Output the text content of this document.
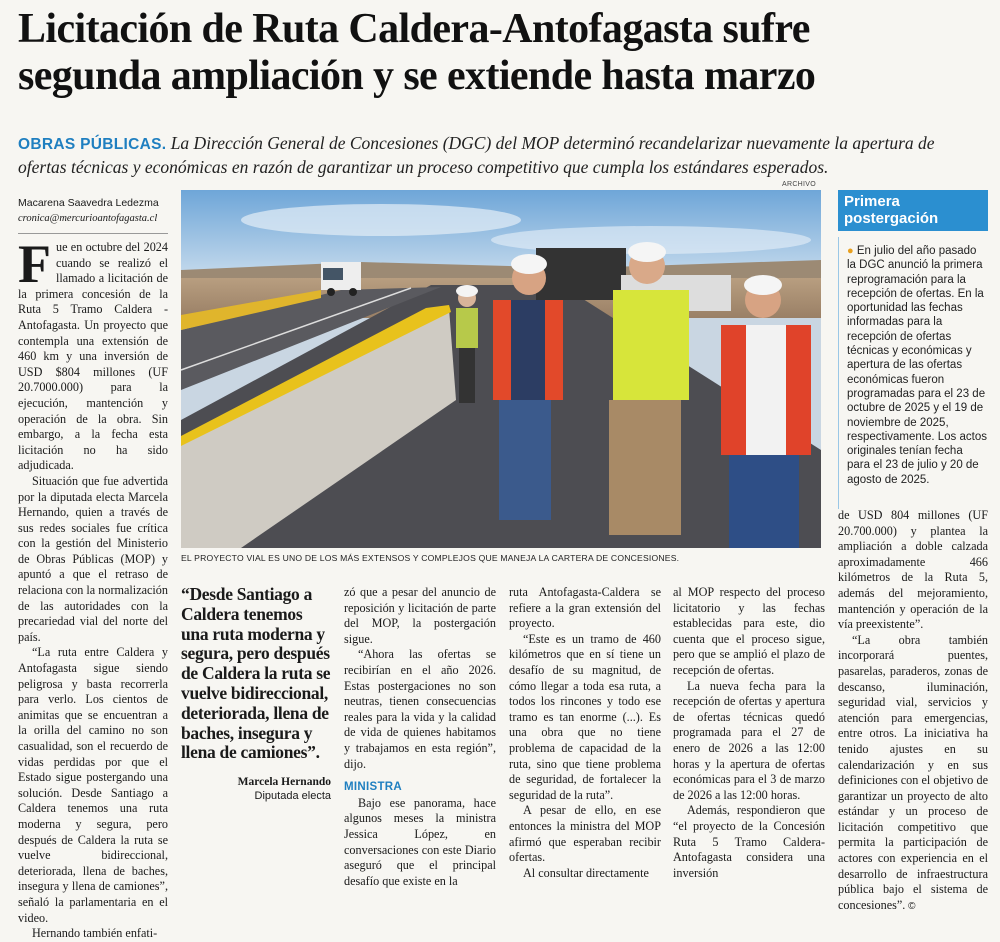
Licitación de Ruta Caldera-Antofagasta sufre
segunda ampliación y se extiende hasta marzo
OBRAS PÚBLICAS. La Dirección General de Concesiones (DGC) del MOP determinó recandelarizar nuevamente la apertura de ofertas técnicas y económicas en razón de garantizar un proceso competitivo que cumpla los estándares esperados.
Macarena Saavedra Ledezma
cronica@mercurioantofagasta.cl

Fue en octubre del 2024 cuando se realizó el llamado a licitación de la primera concesión de la Ruta 5 Tramo Caldera - Antofagasta. Un proyecto que contempla una extensión de 460 km y una inversión de USD $804 millones (UF 20.7000.000) para la ejecución, mantención y operación de la obra. Sin embargo, a la fecha esta licitación no ha sido adjudicada.

Situación que fue advertida por la diputada electa Marcela Hernando, quien a través de sus redes sociales fue crítica con la gestión del Ministerio de Obras Públicas (MOP) y apuntó a que el retraso de relaciona con la normalización de las autoridades con la precariedad vial del norte del país.

“La ruta entre Caldera y Antofagasta sigue siendo peligrosa y basta recorrerla para verlo. Los cientos de animitas que se encuentran a la orilla del camino no son casualidad, son el recuerdo de vidas perdidas por que el Estado sigue postergando una solución. Desde Santiago a Caldera tenemos una ruta moderna y segura, pero después de Caldera la ruta se vuelve bidireccional, deteriorada, llena de baches, insegura y llena de camiones”, señaló la parlamentaria en el video.

Hernando también enfati-

ARCHIVO
EL PROYECTO VIAL ES UNO DE LOS MÁS EXTENSOS Y COMPLEJOS QUE MANEJA LA CARTERA DE CONCESIONES.
Primera postergación
● En julio del año pasado la DGC anunció la primera reprogramación para la recepción de ofertas. En la oportunidad las fechas informadas para la recepción de ofertas técnicas y económicas y apertura de las ofertas económicas fueron programadas para el 23 de octubre de 2025 y el 19 de noviembre de 2025, respectivamente. Los actos originales tenían fecha para el 23 de julio y 20 de agosto de 2025.
“Desde Santiago a Caldera tenemos una ruta moderna y segura, pero después de Caldera la ruta se vuelve bidireccional, deteriorada, llena de baches, insegura y llena de camiones”.
Marcela Hernando
Diputada electa

zó que a pesar del anuncio de reposición y licitación de parte del MOP, la postergación sigue.

“Ahora las ofertas se recibirían en el año 2026. Estas postergaciones no son neutras, tienen consecuencias reales para la vida y la calidad de vida de quienes habitamos y trabajamos en esta región”, dijo.

MINISTRA

Bajo ese panorama, hace algunos meses la ministra Jessica López, en conversaciones con este Diario aseguró que el principal desafío que existe en la

ruta Antofagasta-Caldera se refiere a la gran extensión del proyecto.

“Este es un tramo de 460 kilómetros que en sí tiene un desafío de su magnitud, de cómo llegar a toda esa ruta, a todos los rincones y todo ese tramo es tan enorme (...). Es una obra que no tiene problema de capacidad de la ruta, sino que tiene problema de seguridad, de fortalecer la seguridad de la ruta”.

A pesar de ello, en ese entonces la ministra del MOP afirmó que esperaban recibir ofertas.

Al consultar directamente

al MOP respecto del proceso licitatorio y las fechas establecidas para este, dio cuenta que el proceso sigue, pero que se amplió el plazo de recepción de ofertas.

La nueva fecha para la recepción de ofertas y apertura de ofertas técnicas quedó programada para el 27 de enero de 2026 a las 12:00 horas y la apertura de ofertas económicas para el 3 de marzo de 2026 a las 12:00 horas.

Además, respondieron que “el proyecto de la Concesión Ruta 5 Tramo Caldera-Antofagasta considera una inversión

de USD 804 millones (UF 20.700.000) y plantea la ampliación a doble calzada aproximadamente 466 kilómetros de la Ruta 5, además del mejoramiento, mantención y operación de la vía preexistente”.

“La obra también incorporará puentes, pasarelas, paraderos, zonas de descanso, iluminación, seguridad vial, servicios y atención para emergencias, entre otros. La iniciativa ha tenido ajustes en su calendarización y en sus definiciones con el objetivo de garantizar un proyecto de alto estándar y un proceso de licitación competitivo que permita la participación de actores con experiencia en el desarrollo de infraestructura pública bajo el sistema de concesiones”. ©
